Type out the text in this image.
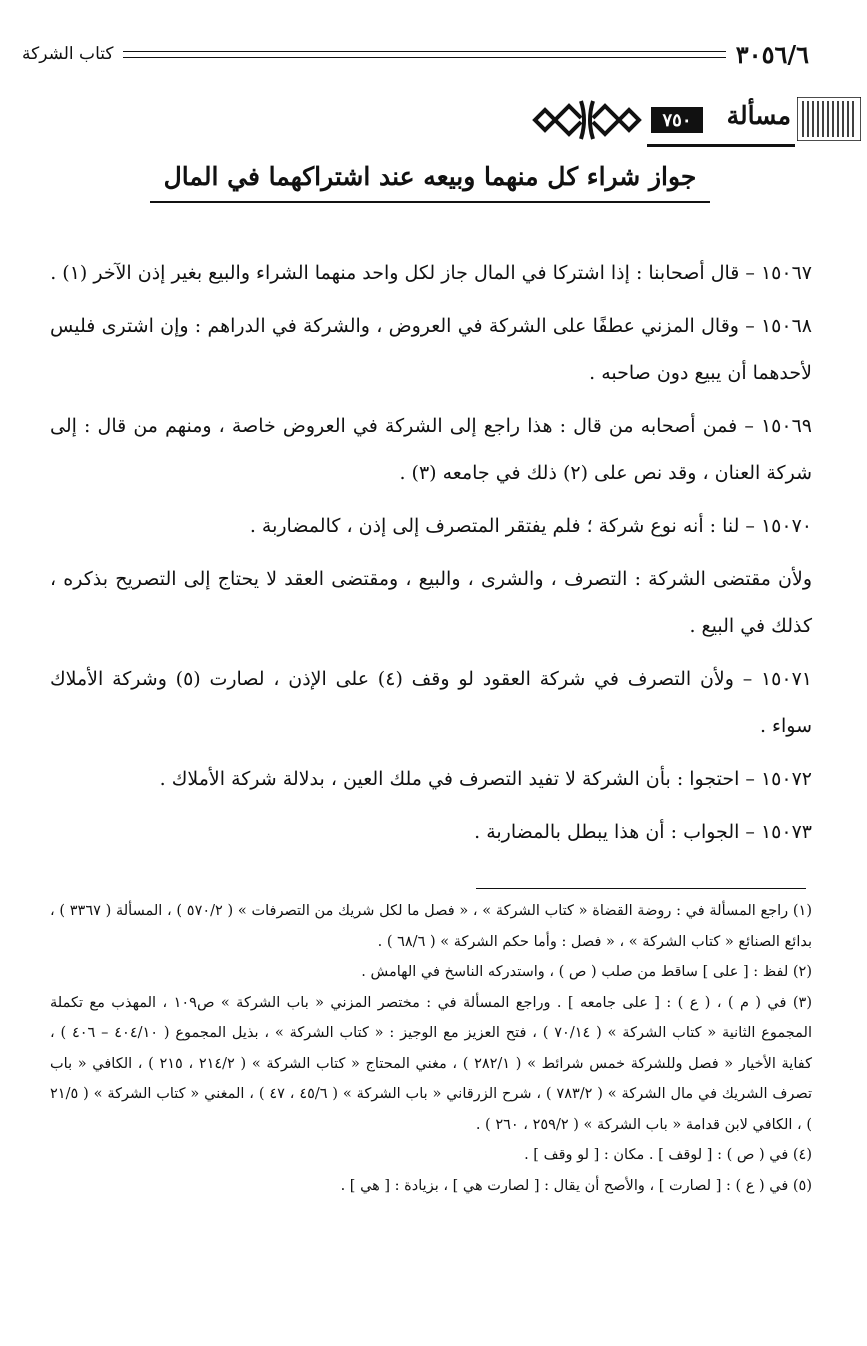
٣٠٥٦/٦
كتاب الشركة
مسألة
٧٥٠
جواز شراء كل منهما وبيعه عند اشتراكهما في المال

١٥٠٦٧ – قال أصحابنا : إذا اشتركا في المال جاز لكل واحد منهما الشراء والبيع بغير إذن الآخر (١) .

١٥٠٦٨ – وقال المزني عطفًا على الشركة في العروض ، والشركة في الدراهم : وإن اشترى فليس لأحدهما أن يبيع دون صاحبه .

١٥٠٦٩ – فمن أصحابه من قال : هذا راجع إلى الشركة في العروض خاصة ، ومنهم من قال : إلى شركة العنان ، وقد نص على (٢) ذلك في جامعه (٣) .

١٥٠٧٠ – لنا : أنه نوع شركة ؛ فلم يفتقر المتصرف إلى إذن ، كالمضاربة .

ولأن مقتضى الشركة : التصرف ، والشرى ، والبيع ، ومقتضى العقد لا يحتاج إلى التصريح بذكره ، كذلك في البيع .

١٥٠٧١ – ولأن التصرف في شركة العقود لو وقف (٤) على الإذن ، لصارت (٥) وشركة الأملاك سواء .

١٥٠٧٢ – احتجوا : بأن الشركة لا تفيد التصرف في ملك العين ، بدلالة شركة الأملاك .

١٥٠٧٣ – الجواب : أن هذا يبطل بالمضاربة .

(١) راجع المسألة في : روضة القضاة « كتاب الشركة » ، « فصل ما لكل شريك من التصرفات » ( ٥٧٠/٢ ) ، المسألة ( ٣٣٦٧ ) ، بدائع الصنائع « كتاب الشركة » ، « فصل : وأما حكم الشركة » ( ٦٨/٦ ) .

(٢) لفظ : [ على ] ساقط من صلب ( ص ) ، واستدركه الناسخ في الهامش .

(٣) في ( م ) ، ( ع ) : [ على جامعه ] . وراجع المسألة في : مختصر المزني « باب الشركة » ص١٠٩ ، المهذب مع تكملة المجموع الثانية « كتاب الشركة » ( ٧٠/١٤ ) ، فتح العزيز مع الوجيز : « كتاب الشركة » ، بذيل المجموع ( ٤٠٤/١٠ – ٤٠٦ ) ، كفاية الأخيار « فصل وللشركة خمس شرائط » ( ٢٨٢/١ ) ، مغني المحتاج « كتاب الشركة » ( ٢١٤/٢ ، ٢١٥ ) ، الكافي « باب تصرف الشريك في مال الشركة » ( ٧٨٣/٢ ) ، شرح الزرقاني « باب الشركة » ( ٤٥/٦ ، ٤٧ ) ، المغني « كتاب الشركة » ( ٢١/٥ ) ، الكافي لابن قدامة « باب الشركة » ( ٢٥٩/٢ ، ٢٦٠ ) .

(٤) في ( ص ) : [ لوقف ] . مكان : [ لو وقف ] .

(٥) في ( ع ) : [ لصارت ] ، والأصح أن يقال : [ لصارت هي ] ، بزيادة : [ هي ] .
